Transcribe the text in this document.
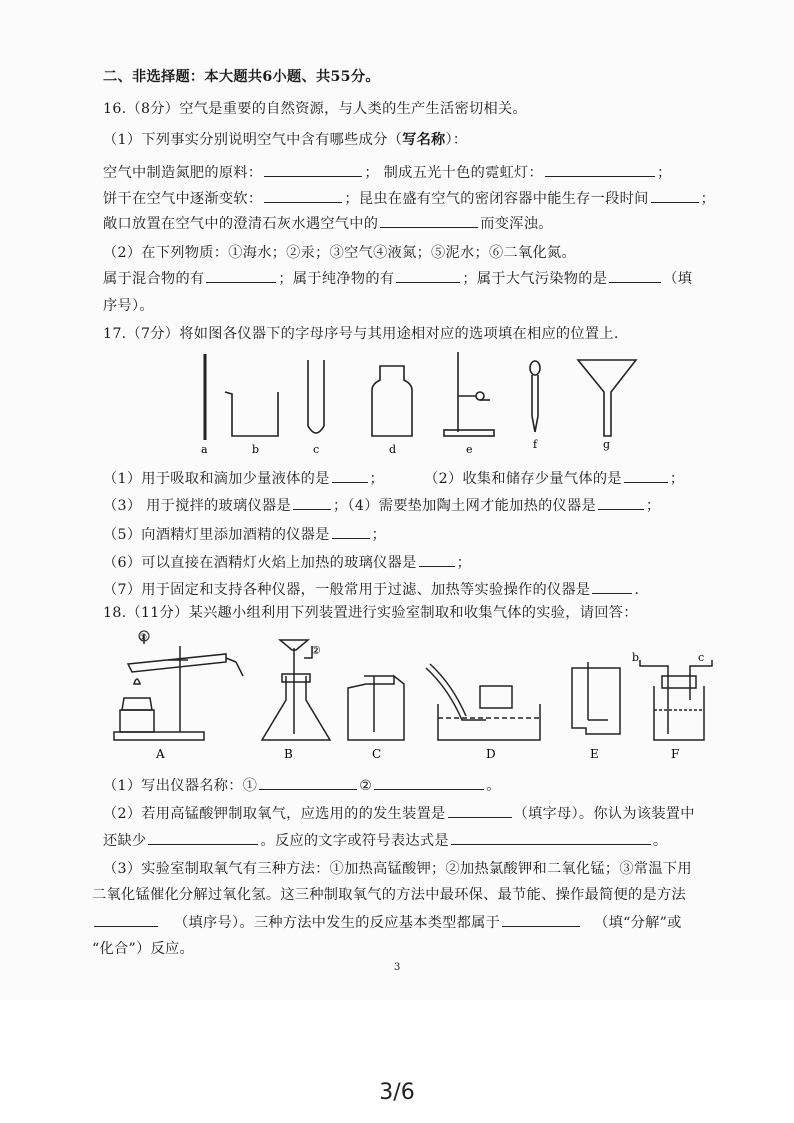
二、非选择题：本大题共6小题、共55分。
16.（8分）空气是重要的自然资源，与人类的生产生活密切相关。
（1）下列事实分别说明空气中含有哪些成分（写名称）：
空气中制造氮肥的原料：	； 制成五光十色的霓虹灯：	；
饼干在空气中逐渐变软：	；昆虫在盛有空气的密闭容器中能生存一段时间	；
敞口放置在空气中的澄清石灰水遇空气中的	而变浑浊。
（2）在下列物质：①海水；②汞；③空气④液氮；⑤泥水；⑥二氧化氮。
属于混合物的有	；属于纯净物的有	；属于大气污染物的是	（填
序号）。
17.（7分）将如图各仪器下的字母序号与其用途相对应的选项填在相应的位置上.
a	b	c	d	e	f	g
（1）用于吸取和滴加少量液体的是	；	（2）收集和储存少量气体的是	；
（3） 用于搅拌的玻璃仪器是	；（4）需要垫加陶土网才能加热的仪器是	；
（5）向酒精灯里添加酒精的仪器是	；
（6）可以直接在酒精灯火焰上加热的玻璃仪器是	；
（7）用于固定和支持各种仪器，一般常用于过滤、加热等实验操作的仪器是	.
18.（11分）某兴趣小组利用下列装置进行实验室制取和收集气体的实验，请回答：
①
②
b	c
A	B	C	D	E	F
（1）写出仪器名称：①	②	。
（2）若用高锰酸钾制取氧气，应选用的的发生装置是	（填字母）。你认为该装置中
还缺少	。反应的文字或符号表达式是	。
（3）实验室制取氧气有三种方法：①加热高锰酸钾；②加热氯酸钾和二氧化锰；③常温下用
二氧化锰催化分解过氧化氢。这三种制取氧气的方法中最环保、最节能、操作最简便的是方法
（填序号）。三种方法中发生的反应基本类型都属于	（填“分解”或
“化合”）反应。
3
3/6
